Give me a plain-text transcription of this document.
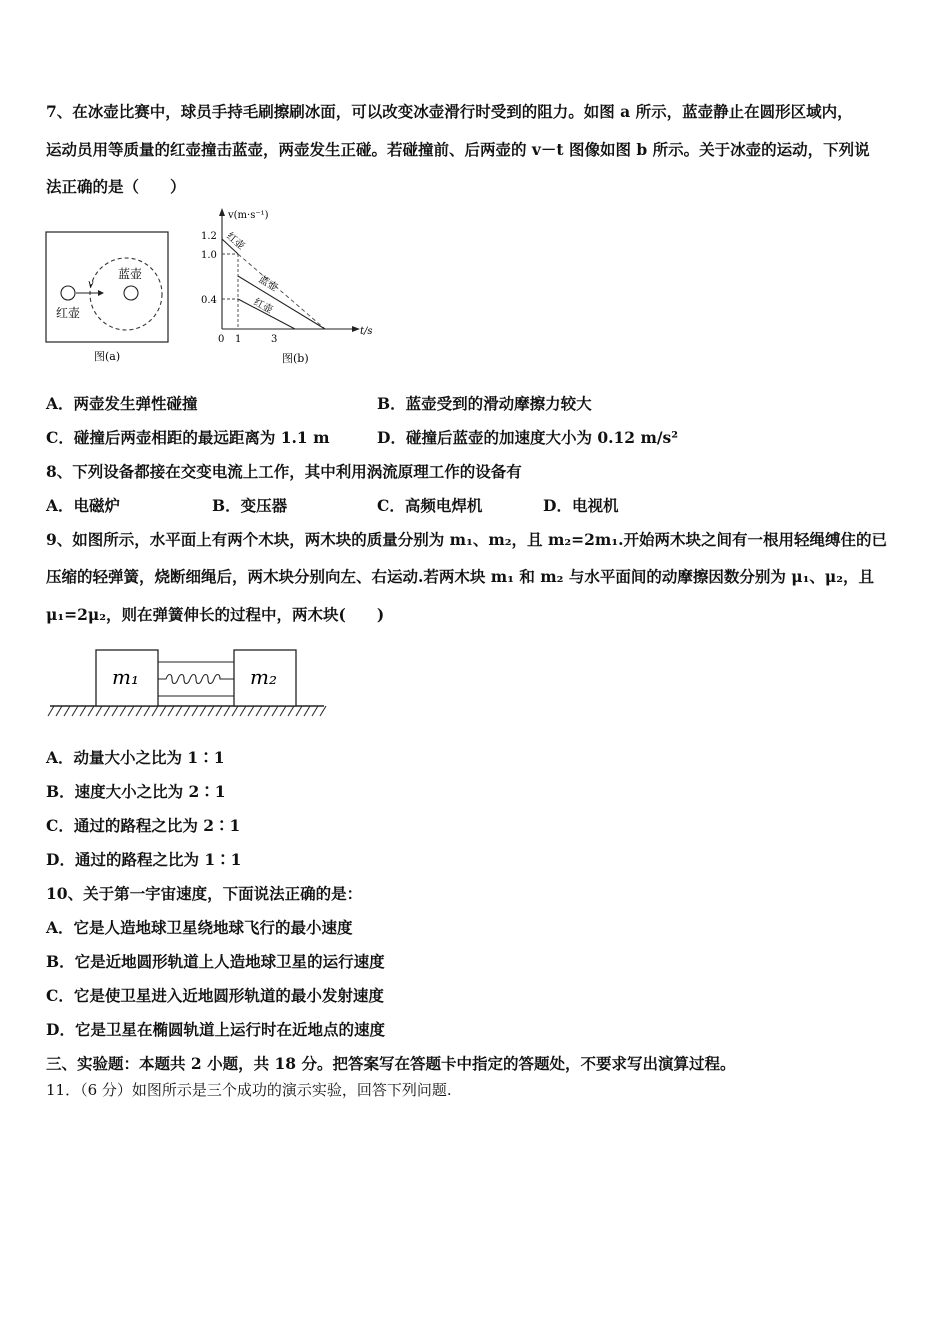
7、在冰壶比赛中，球员手持毛刷擦刷冰面，可以改变冰壶滑行时受到的阻力。如图 a 所示，蓝壶静止在圆形区域内，
运动员用等质量的红壶撞击蓝壶，两壶发生正碰。若碰撞前、后两壶的 v－t 图像如图 b 所示。关于冰壶的运动，下列说
法正确的是（　　）
v
蓝壶
红壶
图(a)
v(m·s⁻¹)
t/s
1.2
1.0
0.4
0 1	3
红壶
蓝壶
红壶
图(b)
A．两壶发生弹性碰撞	B．蓝壶受到的滑动摩擦力较大
C．碰撞后两壶相距的最远距离为 1.1 m	D．碰撞后蓝壶的加速度大小为 0.12 m/s²
8、下列设备都接在交变电流上工作，其中利用涡流原理工作的设备有
A．电磁炉	B．变压器	C．高频电焊机	D．电视机
9、如图所示，水平面上有两个木块，两木块的质量分别为 m₁、m₂，且 m₂=2m₁.开始两木块之间有一根用轻绳缚住的已
压缩的轻弹簧，烧断细绳后，两木块分别向左、右运动.若两木块 m₁ 和 m₂ 与水平面间的动摩擦因数分别为 μ₁、μ₂，且
μ₁=2μ₂，则在弹簧伸长的过程中，两木块(　　)
m₁	m₂
A．动量大小之比为 1∶1
B．速度大小之比为 2∶1
C．通过的路程之比为 2∶1
D．通过的路程之比为 1∶1
10、关于第一宇宙速度，下面说法正确的是：
A．它是人造地球卫星绕地球飞行的最小速度
B．它是近地圆形轨道上人造地球卫星的运行速度
C．它是使卫星进入近地圆形轨道的最小发射速度
D．它是卫星在椭圆轨道上运行时在近地点的速度
三、实验题：本题共 2 小题，共 18 分。把答案写在答题卡中指定的答题处，不要求写出演算过程。
11．（6 分）如图所示是三个成功的演示实验，回答下列问题.
